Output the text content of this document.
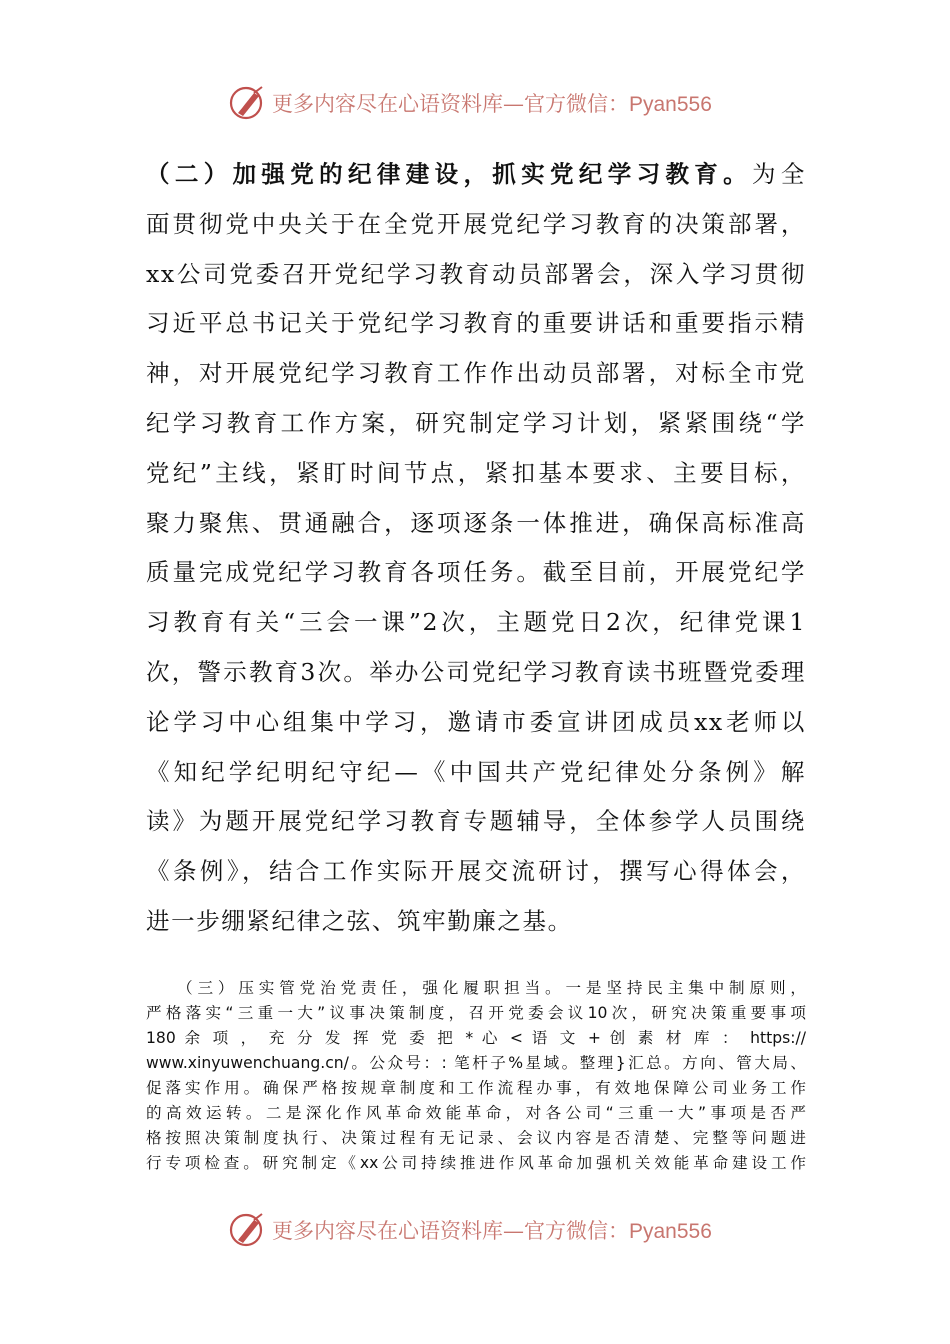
更多内容尽在心语资料库—官方微信：Pyan556
（二）加强党的纪律建设，抓实党纪学习教育。为全
面贯彻党中央关于在全党开展党纪学习教育的决策部署，
xx公司党委召开党纪学习教育动员部署会，深入学习贯彻
习近平总书记关于党纪学习教育的重要讲话和重要指示精
神，对开展党纪学习教育工作作出动员部署，对标全市党
纪学习教育工作方案，研究制定学习计划，紧紧围绕“学
党纪”主线，紧盯时间节点，紧扣基本要求、主要目标，
聚力聚焦、贯通融合，逐项逐条一体推进，确保高标准高
质量完成党纪学习教育各项任务。截至目前，开展党纪学
习教育有关“三会一课”2次，主题党日2次，纪律党课1
次，警示教育3次。举办公司党纪学习教育读书班暨党委理
论学习中心组集中学习，邀请市委宣讲团成员xx老师以
《知纪学纪明纪守纪—《中国共产党纪律处分条例》解
读》为题开展党纪学习教育专题辅导，全体参学人员围绕
《条例》，结合工作实际开展交流研讨，撰写心得体会，
进一步绷紧纪律之弦、筑牢勤廉之基。
（三）压实管党治党责任，强化履职担当。一是坚持民主集中制原则，
严格落实“三重一大”议事决策制度，召开党委会议10次，研究决策重要事项
180 余 项 ， 充 分 发 挥 党 委 把 * 心 < 语 文 + 创 素 材 库 ： https://
www.xinyuwenchuang.cn/。公众号：: 笔杆子%星域。整理}汇总。方向、管大局、
促落实作用。确保严格按规章制度和工作流程办事，有效地保障公司业务工作
的高效运转。二是深化作风革命效能革命，对各公司“三重一大”事项是否严
格按照决策制度执行、决策过程有无记录、会议内容是否清楚、完整等问题进
行专项检查。研究制定《xx公司持续推进作风革命加强机关效能革命建设工作
更多内容尽在心语资料库—官方微信：Pyan556
